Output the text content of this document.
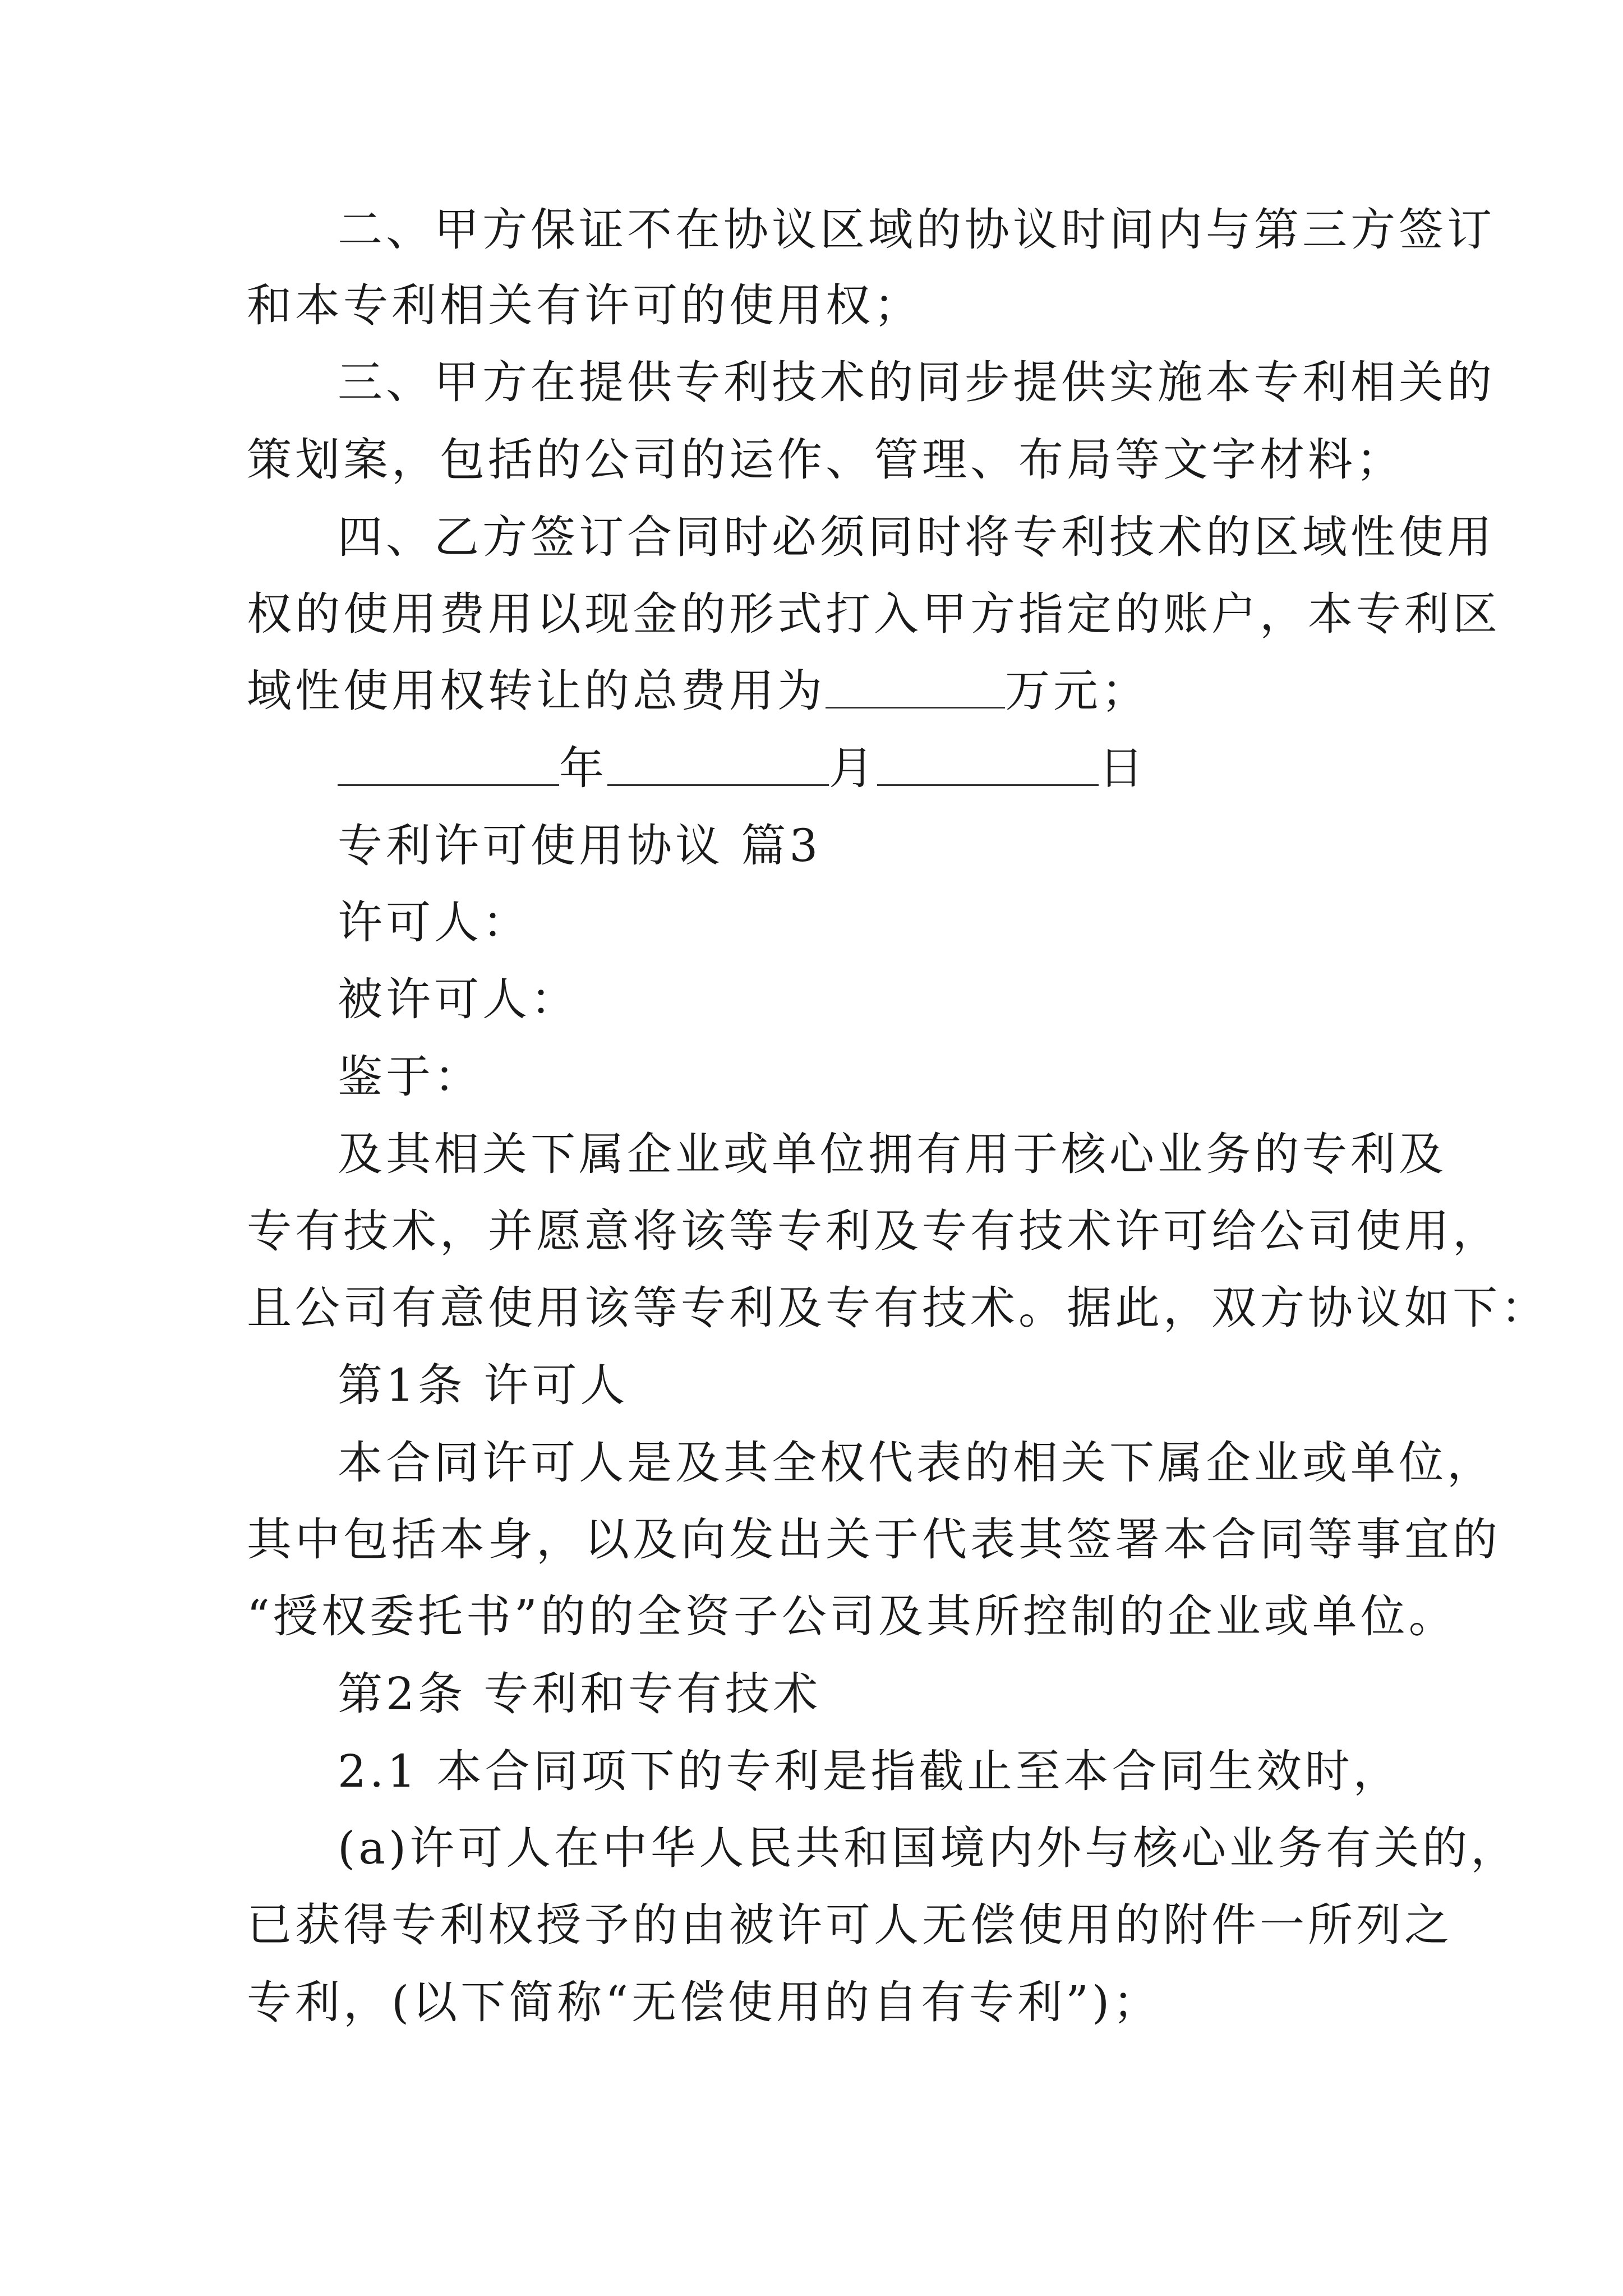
二、甲方保证不在协议区域的协议时间内与第三方签订
和本专利相关有许可的使用权；
三、甲方在提供专利技术的同步提供实施本专利相关的
策划案，包括的公司的运作、管理、布局等文字材料；
四、乙方签订合同时必须同时将专利技术的区域性使用
权的使用费用以现金的形式打入甲方指定的账户，本专利区
域性使用权转让的总费用为	万元；
年	月	日
专利许可使用协议 篇3
许可人：
被许可人：
鉴于：
及其相关下属企业或单位拥有用于核心业务的专利及
专有技术，并愿意将该等专利及专有技术许可给公司使用，
且公司有意使用该等专利及专有技术。据此，双方协议如下：
第1条 许可人
本合同许可人是及其全权代表的相关下属企业或单位，
其中包括本身，以及向发出关于代表其签署本合同等事宜的
“授权委托书”的的全资子公司及其所控制的企业或单位。
第2条 专利和专有技术
2.1 本合同项下的专利是指截止至本合同生效时，
(a)许可人在中华人民共和国境内外与核心业务有关的，
已获得专利权授予的由被许可人无偿使用的附件一所列之
专利，(以下简称“无偿使用的自有专利”)；
